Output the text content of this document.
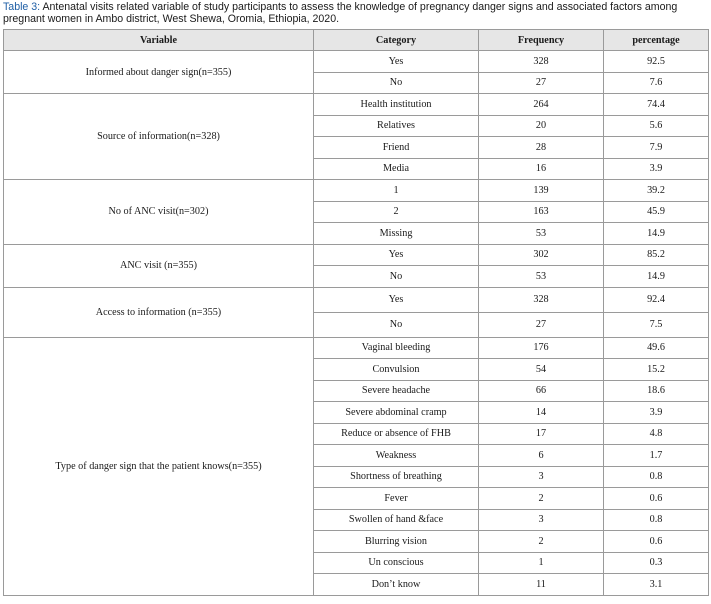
Table 3: Antenatal visits related variable of study participants to assess the knowledge of pregnancy danger signs and associated factors among pregnant women in Ambo district, West Shewa, Oromia, Ethiopia, 2020.
Variable	Category	Frequency	percentage
Informed about danger sign(n=355)	Yes	328	92.5
	No	27	7.6
Source of information(n=328)	Health institution	264	74.4
	Relatives	20	5.6
	Friend	28	7.9
	Media	16	3.9
No of ANC visit(n=302)	1	139	39.2
	2	163	45.9
	Missing	53	14.9
ANC visit (n=355)	Yes	302	85.2
	No	53	14.9
Access to information (n=355)	Yes	328	92.4
	No	27	7.5
Type of danger sign that the patient knows(n=355)	Vaginal bleeding	176	49.6
	Convulsion	54	15.2
	Severe headache	66	18.6
	Severe abdominal cramp	14	3.9
	Reduce or absence of FHB	17	4.8
	Weakness	6	1.7
	Shortness of breathing	3	0.8
	Fever	2	0.6
	Swollen of hand &face	3	0.8
	Blurring vision	2	0.6
	Un conscious	1	0.3
	Don’t know	11	3.1
